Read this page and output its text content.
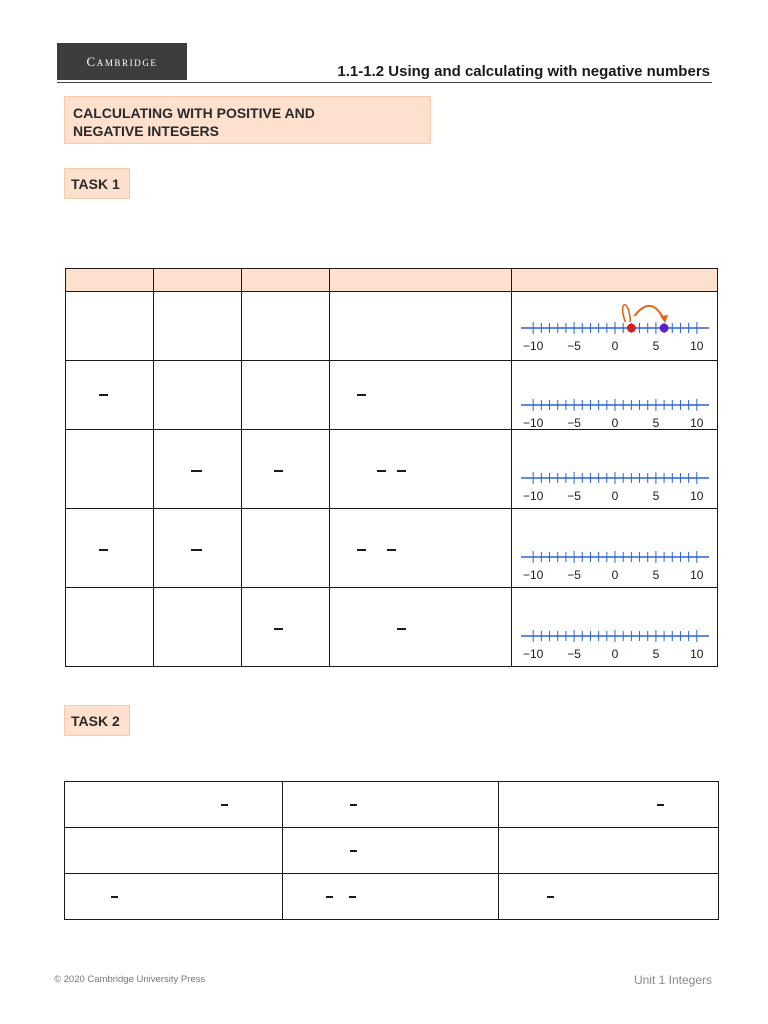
Cambridge
1.1-1.2 Using and calculating with negative numbers
CALCULATING WITH POSITIVE AND
NEGATIVE INTEGERS
TASK 1

−10 −5 0 5 10

−10 −5 0 5 10

−10 −5 0 5 10

−10 −5 0 5 10

−10 −5 0 5 10
TASK 2

© 2020 Cambridge University Press	Unit 1 Integers
